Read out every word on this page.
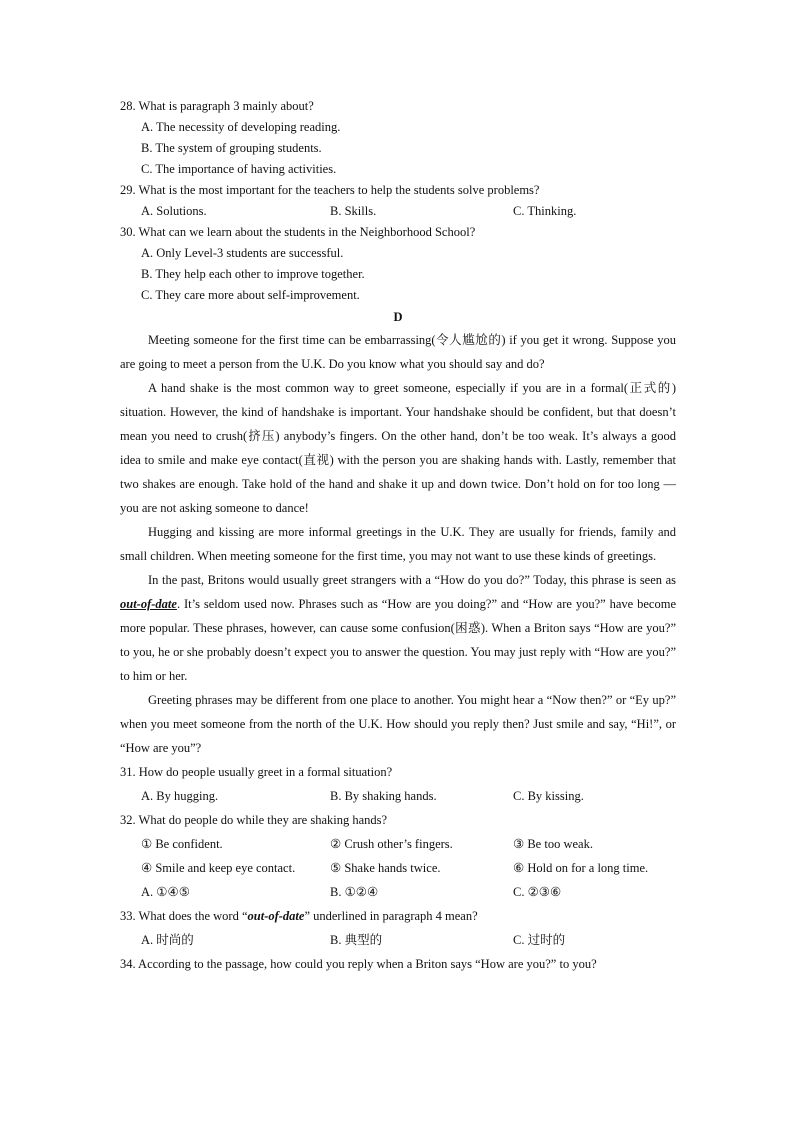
28. What is paragraph 3 mainly about?

A. The necessity of developing reading.

B. The system of grouping students.

C. The importance of having activities.

29. What is the most important for the teachers to help the students solve problems?

A. Solutions.	B. Skills.	C. Thinking.

30. What can we learn about the students in the Neighborhood School?

A. Only Level-3 students are successful.

B. They help each other to improve together.

C. They care more about self-improvement.

D

Meeting someone for the first time can be embarrassing(令人尴尬的) if you get it wrong. Suppose you are going to meet a person from the U.K. Do you know what you should say and do?

A hand shake is the most common way to greet someone, especially if you are in a formal(正式的) situation. However, the kind of handshake is important. Your handshake should be confident, but that doesn’t mean you need to crush(挤压) anybody’s fingers. On the other hand, don’t be too weak. It’s always a good idea to smile and make eye contact(直视) with the person you are shaking hands with. Lastly, remember that two shakes are enough. Take hold of the hand and shake it up and down twice. Don’t hold on for too long — you are not asking someone to dance!

Hugging and kissing are more informal greetings in the U.K. They are usually for friends, family and small children. When meeting someone for the first time, you may not want to use these kinds of greetings.

In the past, Britons would usually greet strangers with a “How do you do?” Today, this phrase is seen as out-of-date. It’s seldom used now. Phrases such as “How are you doing?” and “How are you?” have become more popular. These phrases, however, can cause some confusion(困惑). When a Briton says “How are you?” to you, he or she probably doesn’t expect you to answer the question. You may just reply with “How are you?” to him or her.

Greeting phrases may be different from one place to another. You might hear a “Now then?” or “Ey up?” when you meet someone from the north of the U.K. How should you reply then? Just smile and say, “Hi!”, or “How are you”?

31. How do people usually greet in a formal situation?

A. By hugging.	B. By shaking hands.	C. By kissing.

32. What do people do while they are shaking hands?

① Be confident.	② Crush other’s fingers.	③ Be too weak.
④ Smile and keep eye contact.	⑤ Shake hands twice.	⑥ Hold on for a long time.
A. ①④⑤	B. ①②④	C. ②③⑥

33. What does the word “out-of-date” underlined in paragraph 4 mean?

A. 时尚的	B. 典型的	C. 过时的

34. According to the passage, how could you reply when a Briton says “How are you?” to you?
